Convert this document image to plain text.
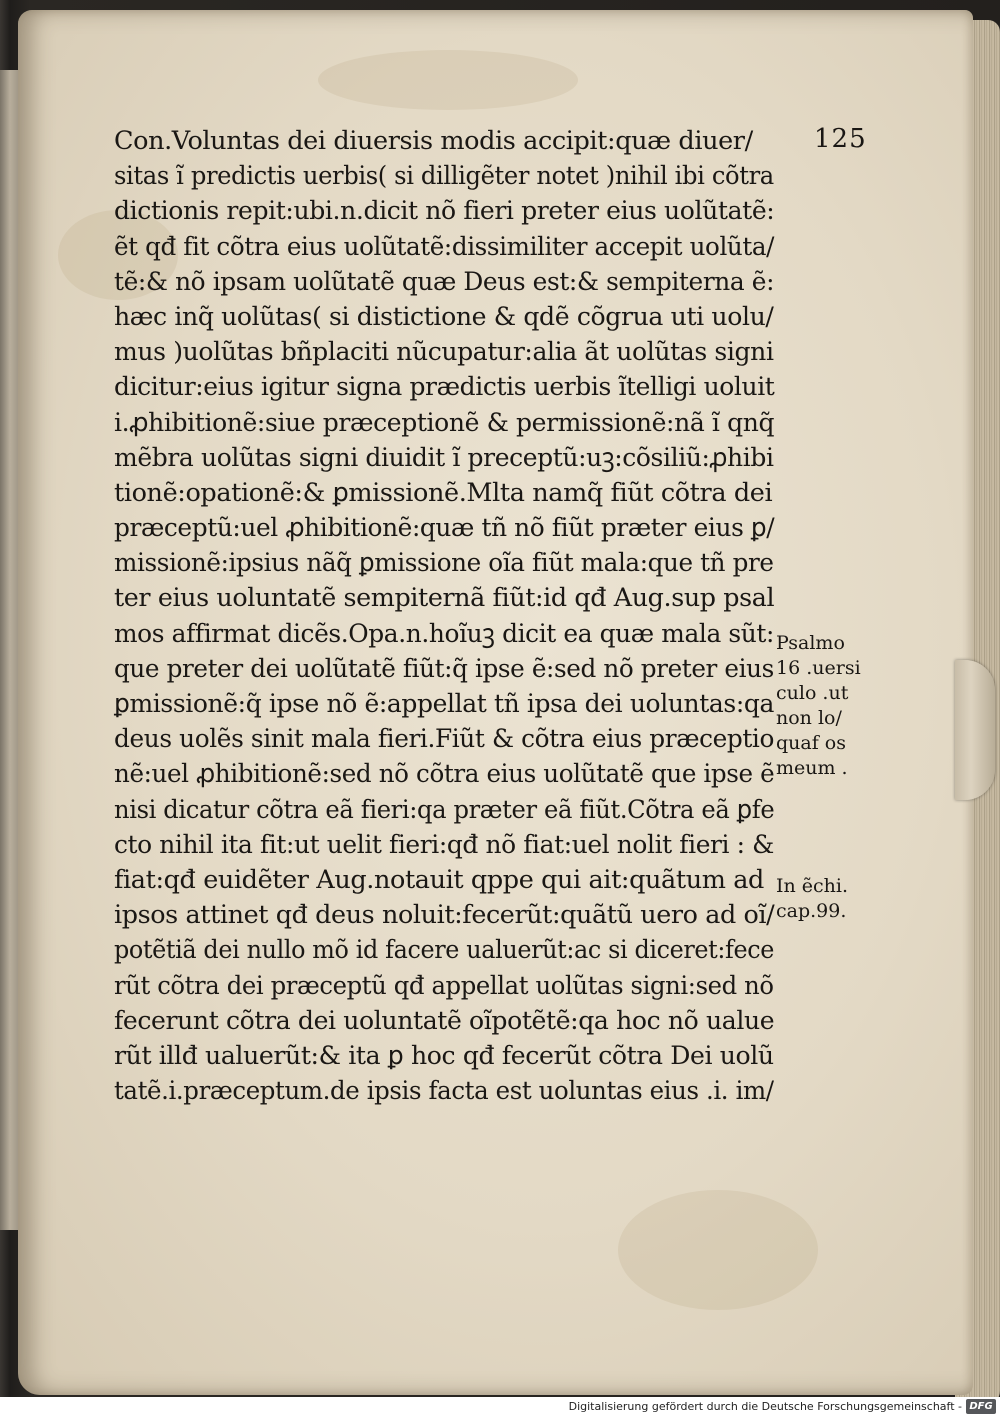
125
Con.Voluntas dei diuersis modis accipit:quæ diuer/
sitas ĩ predictis uerbis( si dilligẽter notet )nihil ibi cõtra
dictionis repit:ubi.n.dicit nõ fieri preter eius uolũtatẽ:
ẽt qđ fit cõtra eius uolũtatẽ:dissimiliter accepit uolũta/
tẽ:& nõ ipsam uolũtatẽ quæ Deus est:& sempiterna ẽ:
hæc inq̃ uolũtas( si distictione & qdẽ cõgrua uti uolu/
mus )uolũtas bñplaciti nũcupatur:alia ãt uolũtas signi
dicitur:eius igitur signa prædictis uerbis ĩtelligi uoluit
i.ꝓhibitionẽ:siue præceptionẽ & permissionẽ:nã ĩ qnq̃
mẽbra uolũtas signi diuidit ĩ preceptũ:uꝫ:cõsiliũ:ꝓhibi
tionẽ:opationẽ:& ꝑmissionẽ.Mlta namq̃ fiũt cõtra dei
præceptũ:uel ꝓhibitionẽ:quæ tñ nõ fiũt præter eius ꝑ/
missionẽ:ipsius nãq̃ ꝑmissione oĩa fiũt mala:que tñ pre
ter eius uoluntatẽ sempiternã fiũt:id qđ Aug.sup psal
mos affirmat dicẽs.Opa.n.hoĩuꝫ dicit ea quæ mala sũt:
que preter dei uolũtatẽ fiũt:q̃ ipse ẽ:sed nõ preter eius
ꝑmissionẽ:q̃ ipse nõ ẽ:appellat tñ ipsa dei uoluntas:qa
deus uolẽs sinit mala fieri.Fiũt & cõtra eius præceptio
nẽ:uel ꝓhibitionẽ:sed nõ cõtra eius uolũtatẽ que ipse ẽ
nisi dicatur cõtra eã fieri:qa præter eã fiũt.Cõtra eã ꝑfe
cto nihil ita fit:ut uelit fieri:qđ nõ fiat:uel nolit fieri : &
fiat:qđ euidẽter Aug.notauit qppe qui ait:quãtum ad
ipsos attinet qđ deus noluit:fecerũt:quãtũ uero ad oĩ/
potẽtiã dei nullo mõ id facere ualuerũt:ac si diceret:fece
rũt cõtra dei præceptũ qđ appellat uolũtas signi:sed nõ
fecerunt cõtra dei uoluntatẽ oĩpotẽtẽ:qa hoc nõ ualue
rũt illđ ualuerũt:& ita ꝑ hoc qđ fecerũt cõtra Dei uolũ
tatẽ.i.præceptum.de ipsis facta est uoluntas eius .i. im/
Psalmo
16 .uersi
culo .ut
non lo/
quaf os
meum .
In ẽchi.
cap.99.
Digitalisierung gefördert durch die Deutsche Forschungsgemeinschaft - DFG
